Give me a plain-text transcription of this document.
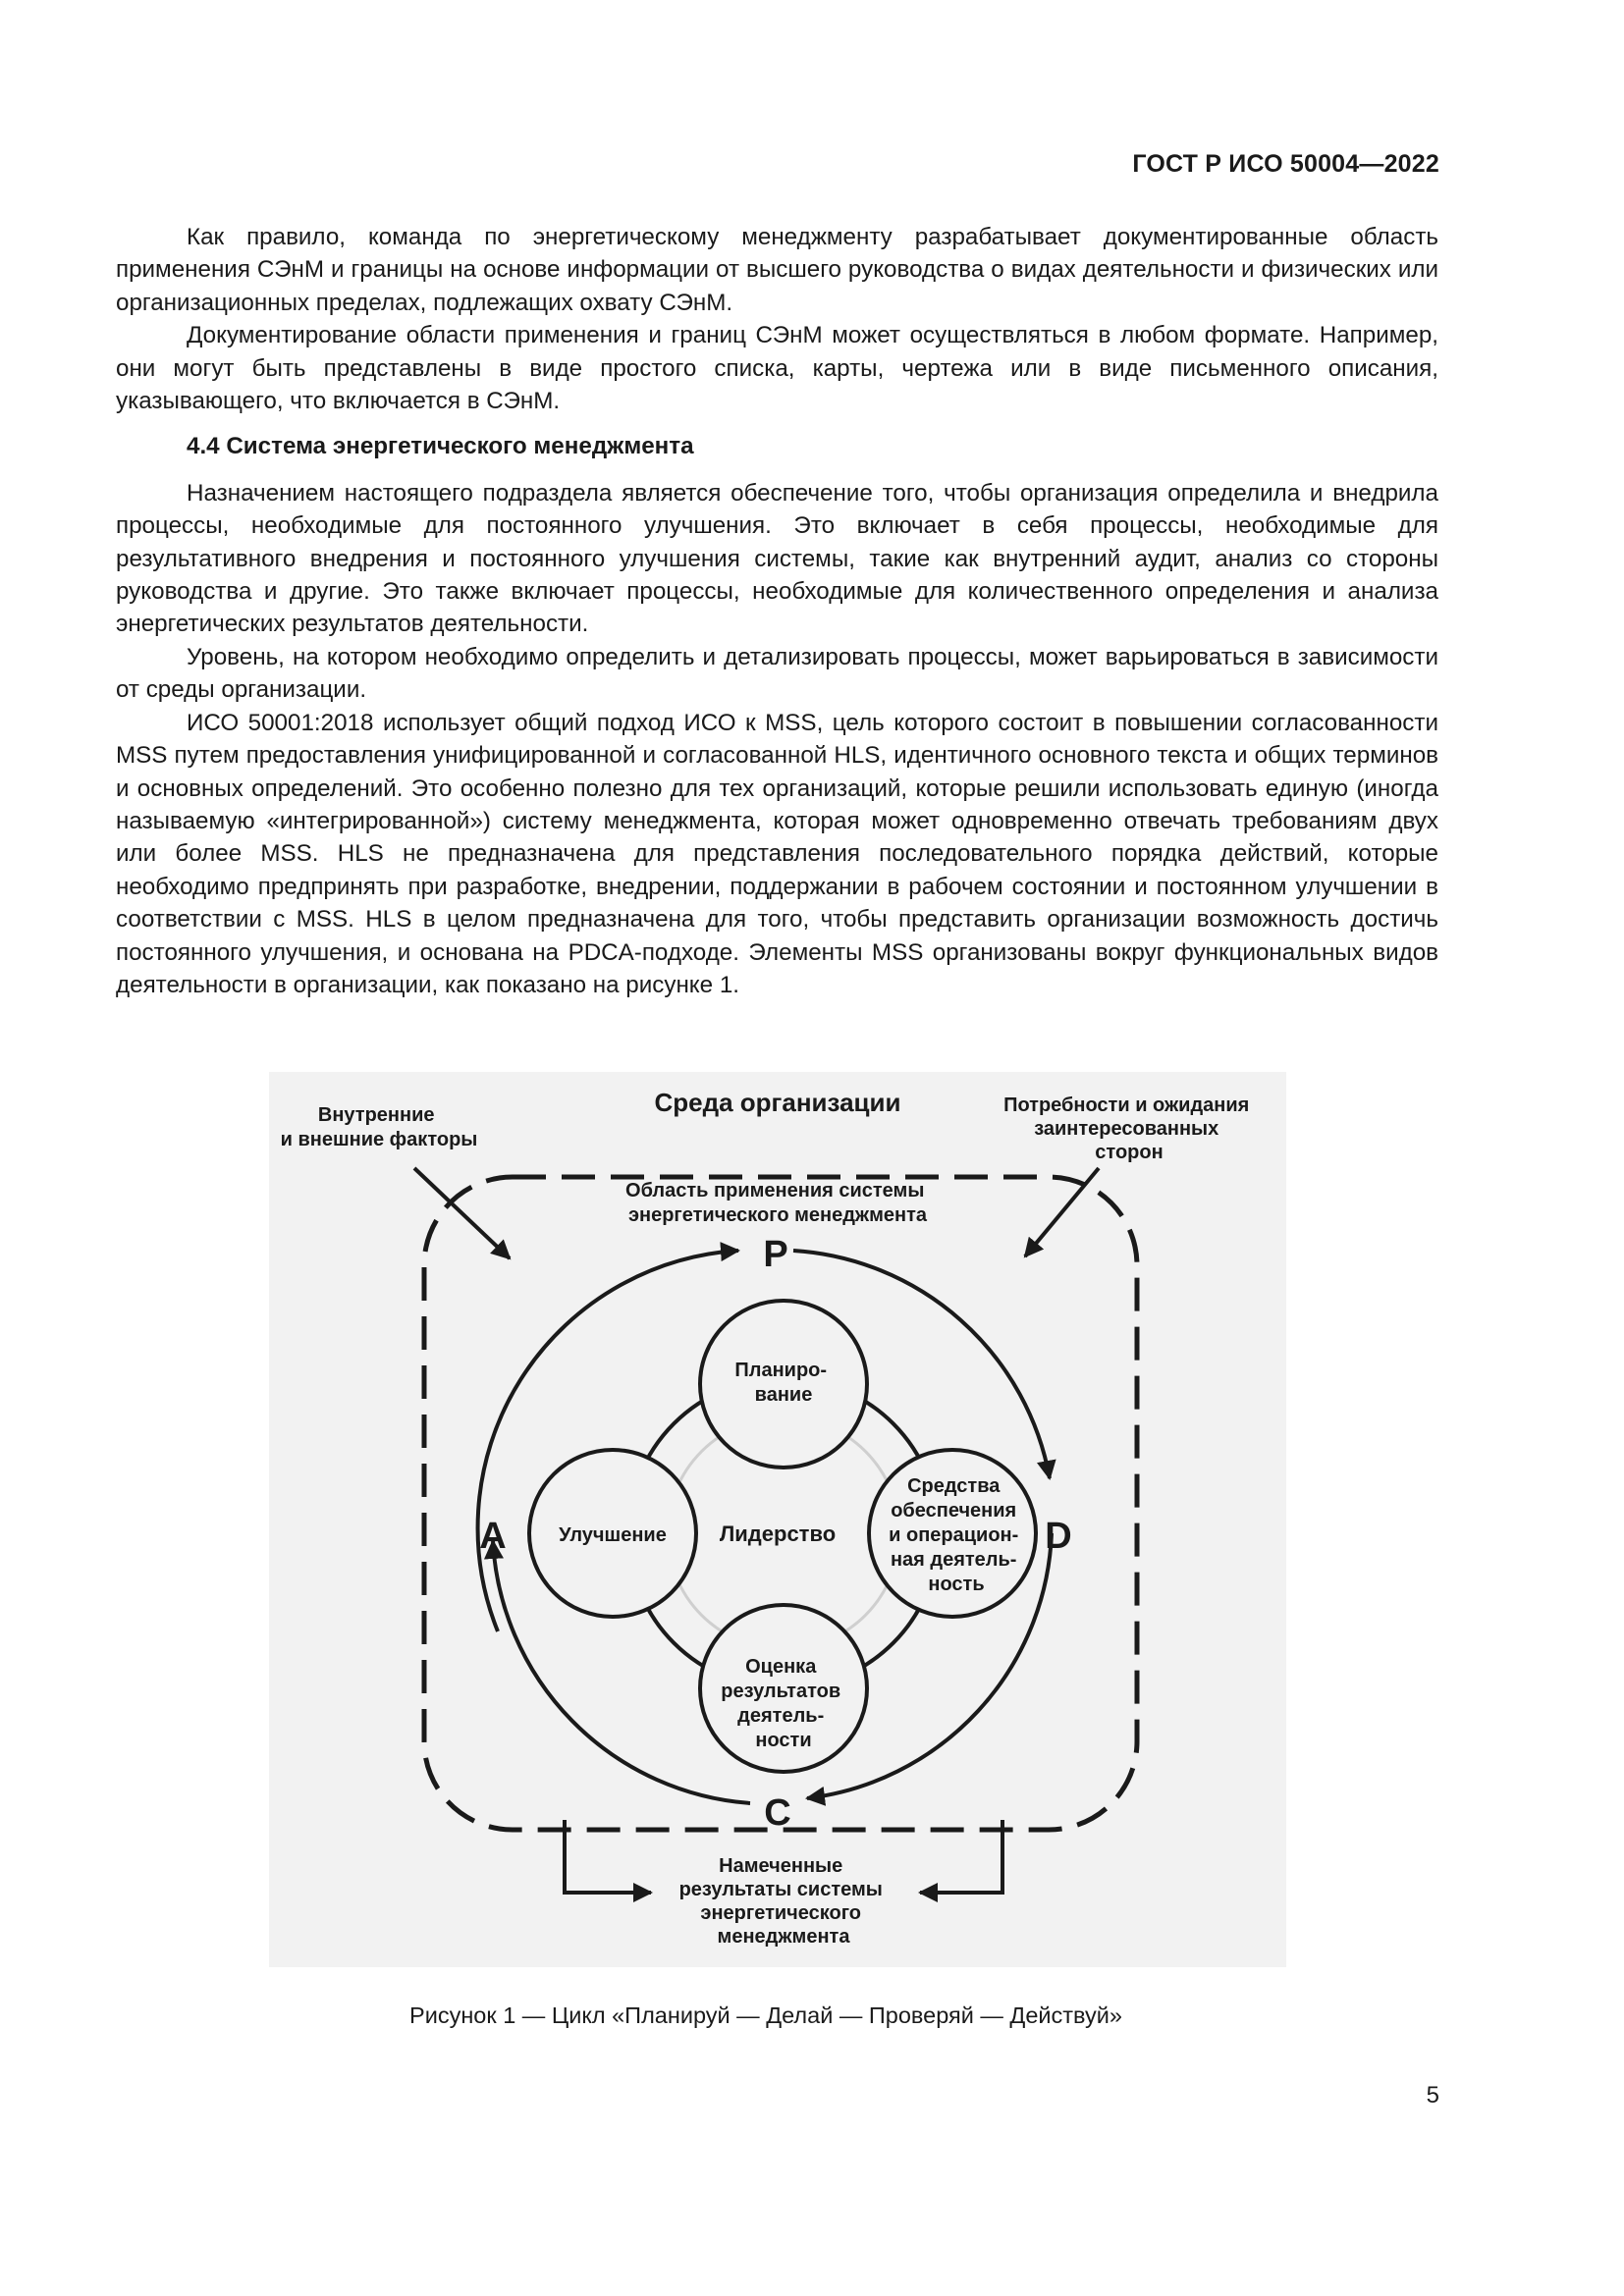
ГОСТ Р ИСО 50004—2022

Как правило, команда по энергетическому менеджменту разрабатывает документированные область применения СЭнМ и границы на основе информации от высшего руководства о видах деятельности и физических или организационных пределах, подлежащих охвату СЭнМ.

Документирование области применения и границ СЭнМ может осуществляться в любом формате. Например, они могут быть представлены в виде простого списка, карты, чертежа или в виде письменного описания, указывающего, что включается в СЭнМ.

4.4 Система энергетического менеджмента

Назначением настоящего подраздела является обеспечение того, чтобы организация определила и внедрила процессы, необходимые для постоянного улучшения. Это включает в себя процессы, необходимые для результативного внедрения и постоянного улучшения системы, такие как внутренний аудит, анализ со стороны руководства и другие. Это также включает процессы, необходимые для количественного определения и анализа энергетических результатов деятельности.

Уровень, на котором необходимо определить и детализировать процессы, может варьироваться в зависимости от среды организации.

ИСО 50001:2018 использует общий подход ИСО к MSS, цель которого состоит в повышении согласованности MSS путем предоставления унифицированной и согласованной HLS, идентичного основного текста и общих терминов и основных определений. Это особенно полезно для тех организаций, которые решили использовать единую (иногда называемую «интегрированной») систему менеджмента, которая может одновременно отвечать требованиям двух или более MSS. HLS не предназначена для представления последовательного порядка действий, которые необходимо предпринять при разработке, внедрении, поддержании в рабочем состоянии и постоянном улучшении в соответствии с MSS. HLS в целом предназначена для того, чтобы представить организации возможность достичь постоянного улучшения, и основана на PDCA-подходе. Элементы MSS организованы вокруг функциональных видов деятельности в организации, как показано на рисунке 1.

Среда организации
Внутренние и внешние факторы
Потребности и ожидания заинтересованных сторон
Область применения системы энергетического менеджмента
P
D
C
A	Лидерство
Планиро- вание
Улучшение
Средства обеспечения и операцион- ная деятель- ность
Оценка результатов деятель- ности
Намеченные результаты системы энергетического менеджмента
Рисунок 1 — Цикл «Планируй — Делай — Проверяй — Действуй»
5
